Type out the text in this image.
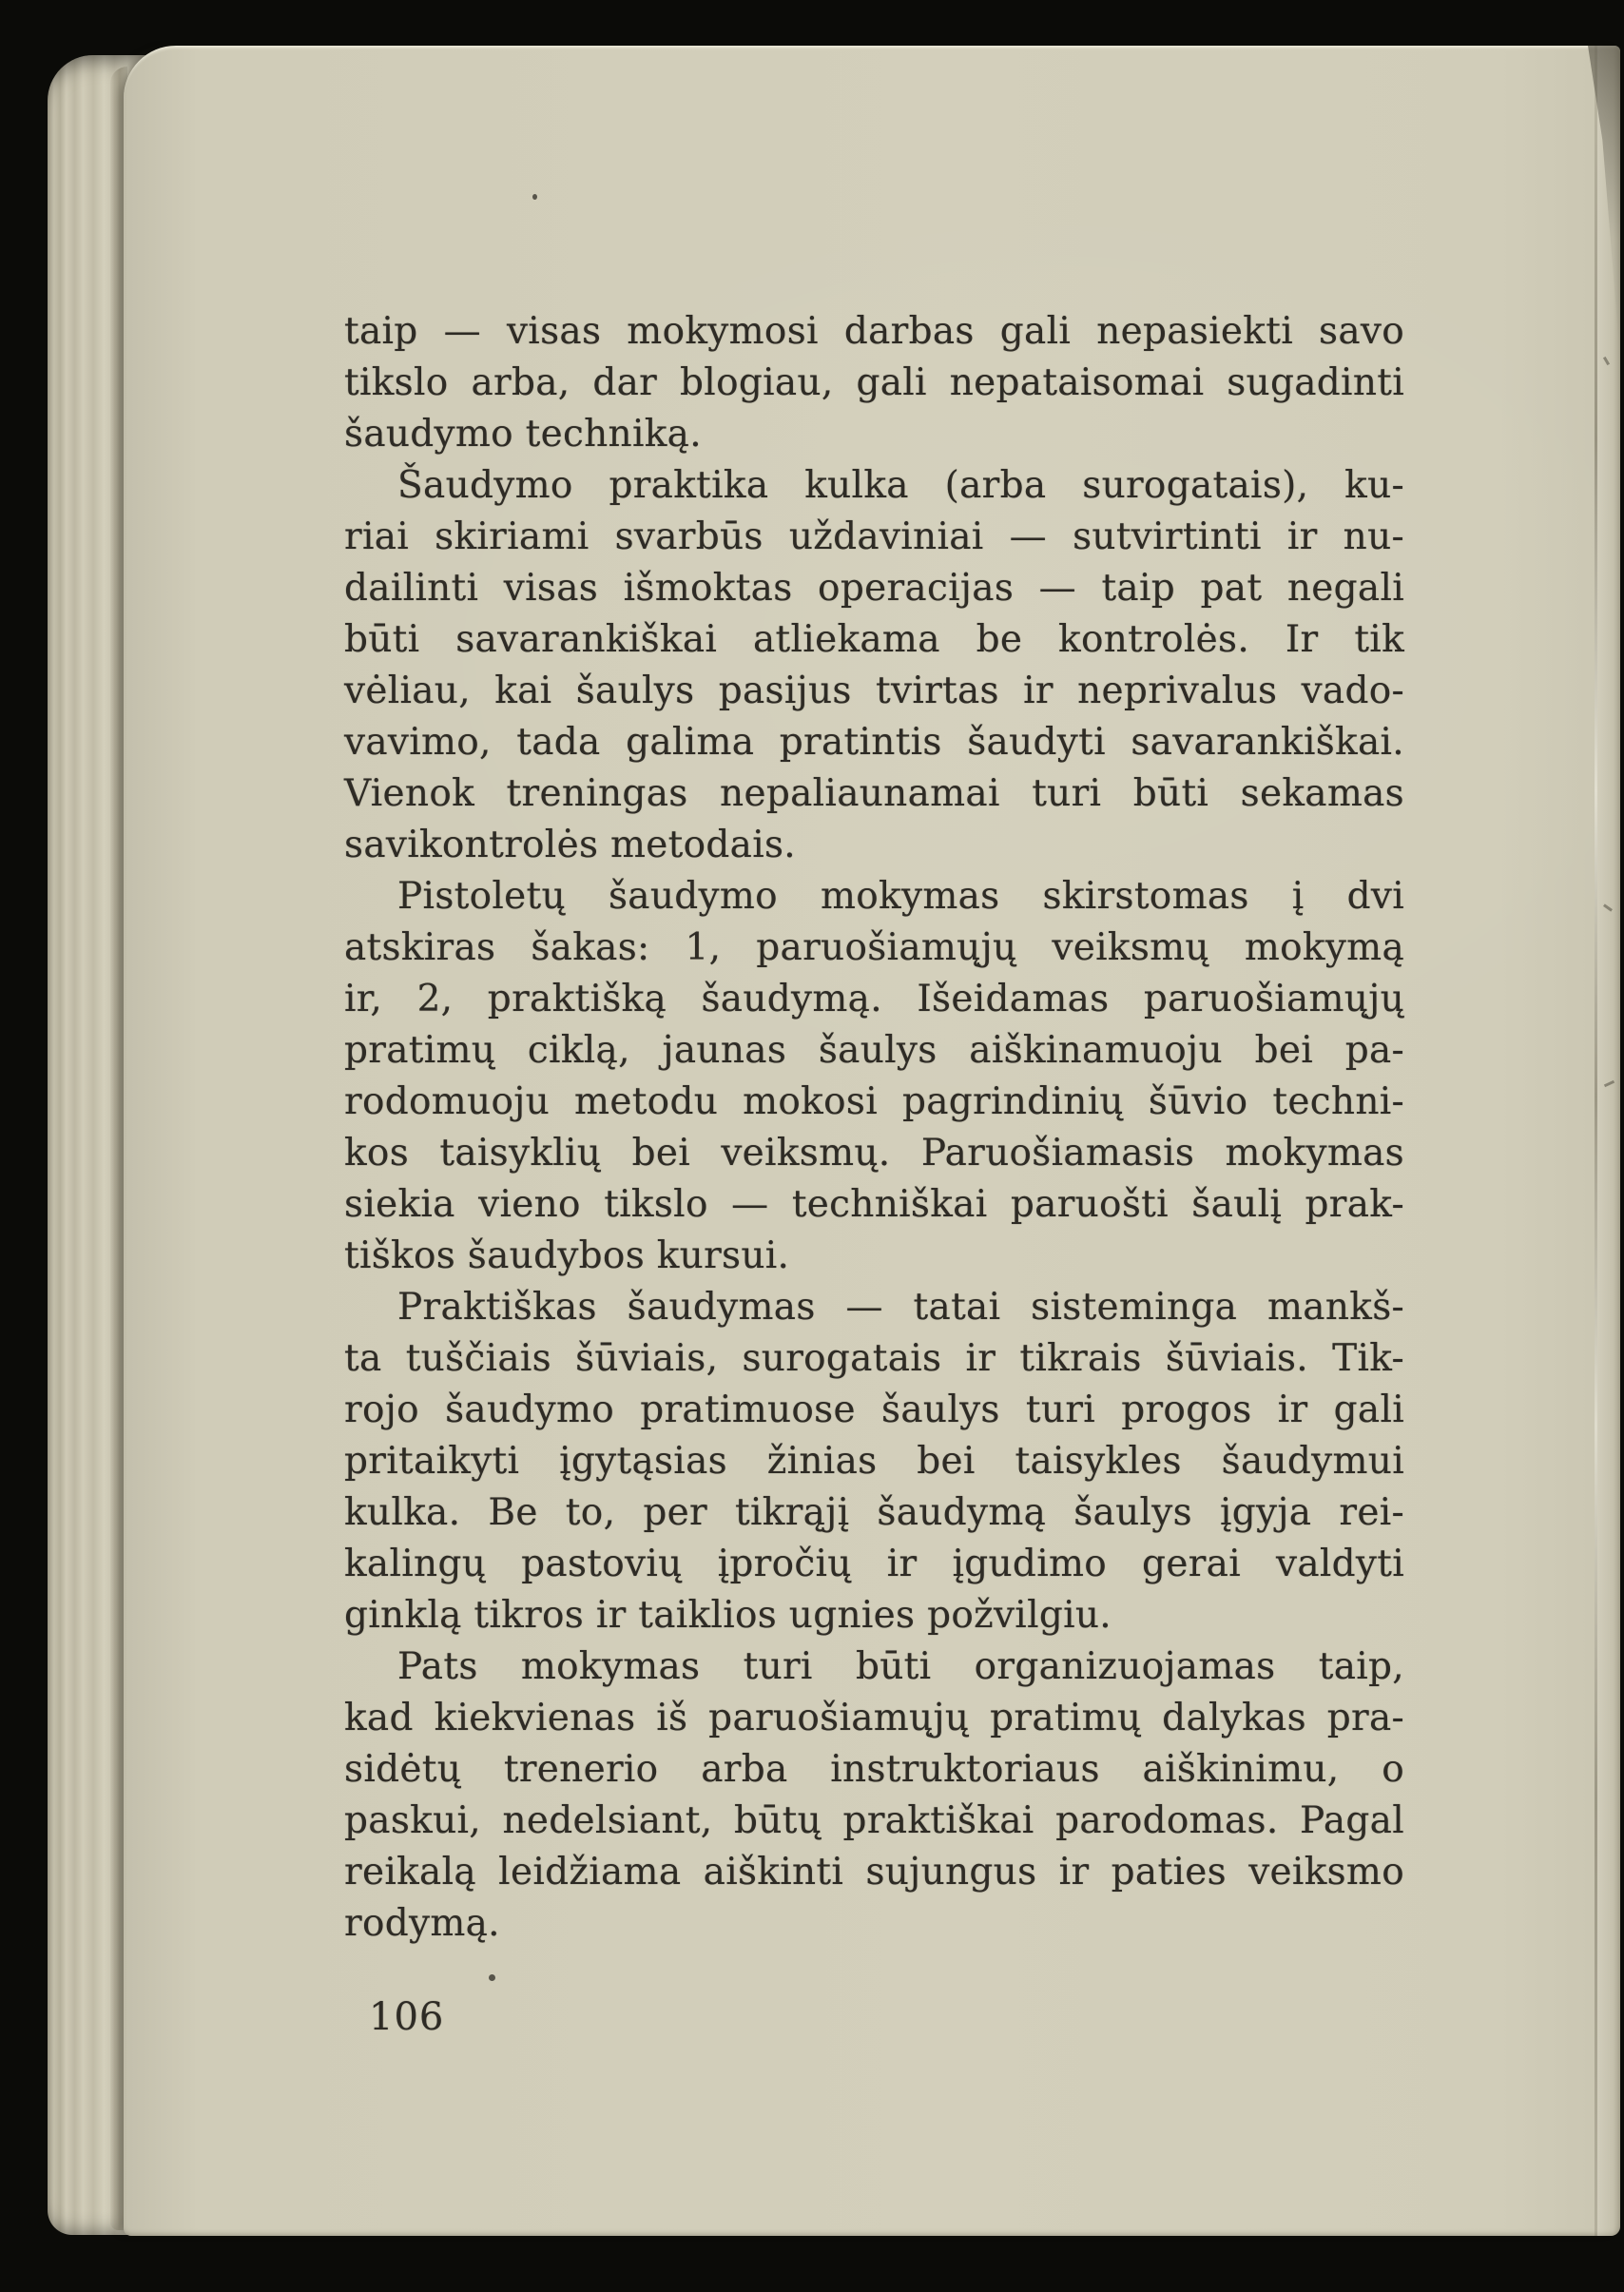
taip — visas mokymosi darbas gali nepasiekti savo
tikslo arba, dar blogiau, gali nepataisomai sugadinti
šaudymo techniką.
Šaudymo praktika kulka (arba surogatais), ku-
riai skiriami svarbūs uždaviniai — sutvirtinti ir nu-
dailinti visas išmoktas operacijas — taip pat negali
būti savarankiškai atliekama be kontrolės. Ir tik
vėliau, kai šaulys pasijus tvirtas ir neprivalus vado-
vavimo, tada galima pratintis šaudyti savarankiškai.
Vienok treningas nepaliaunamai turi būti sekamas
savikontrolės metodais.
Pistoletų šaudymo mokymas skirstomas į dvi
atskiras šakas: 1, paruošiamųjų veiksmų mokymą
ir, 2, praktišką šaudymą. Išeidamas paruošiamųjų
pratimų ciklą, jaunas šaulys aiškinamuoju bei pa-
rodomuoju metodu mokosi pagrindinių šūvio techni-
kos taisyklių bei veiksmų. Paruošiamasis mokymas
siekia vieno tikslo — techniškai paruošti šaulį prak-
tiškos šaudybos kursui.
Praktiškas šaudymas — tatai sisteminga mankš-
ta tuščiais šūviais, surogatais ir tikrais šūviais. Tik-
rojo šaudymo pratimuose šaulys turi progos ir gali
pritaikyti įgytąsias žinias bei taisykles šaudymui
kulka. Be to, per tikrąjį šaudymą šaulys įgyja rei-
kalingų pastovių įpročių ir įgudimo gerai valdyti
ginklą tikros ir taiklios ugnies požvilgiu.
Pats mokymas turi būti organizuojamas taip,
kad kiekvienas iš paruošiamųjų pratimų dalykas pra-
sidėtų trenerio arba instruktoriaus aiškinimu, o
paskui, nedelsiant, būtų praktiškai parodomas. Pagal
reikalą leidžiama aiškinti sujungus ir paties veiksmo
rodymą.
106
